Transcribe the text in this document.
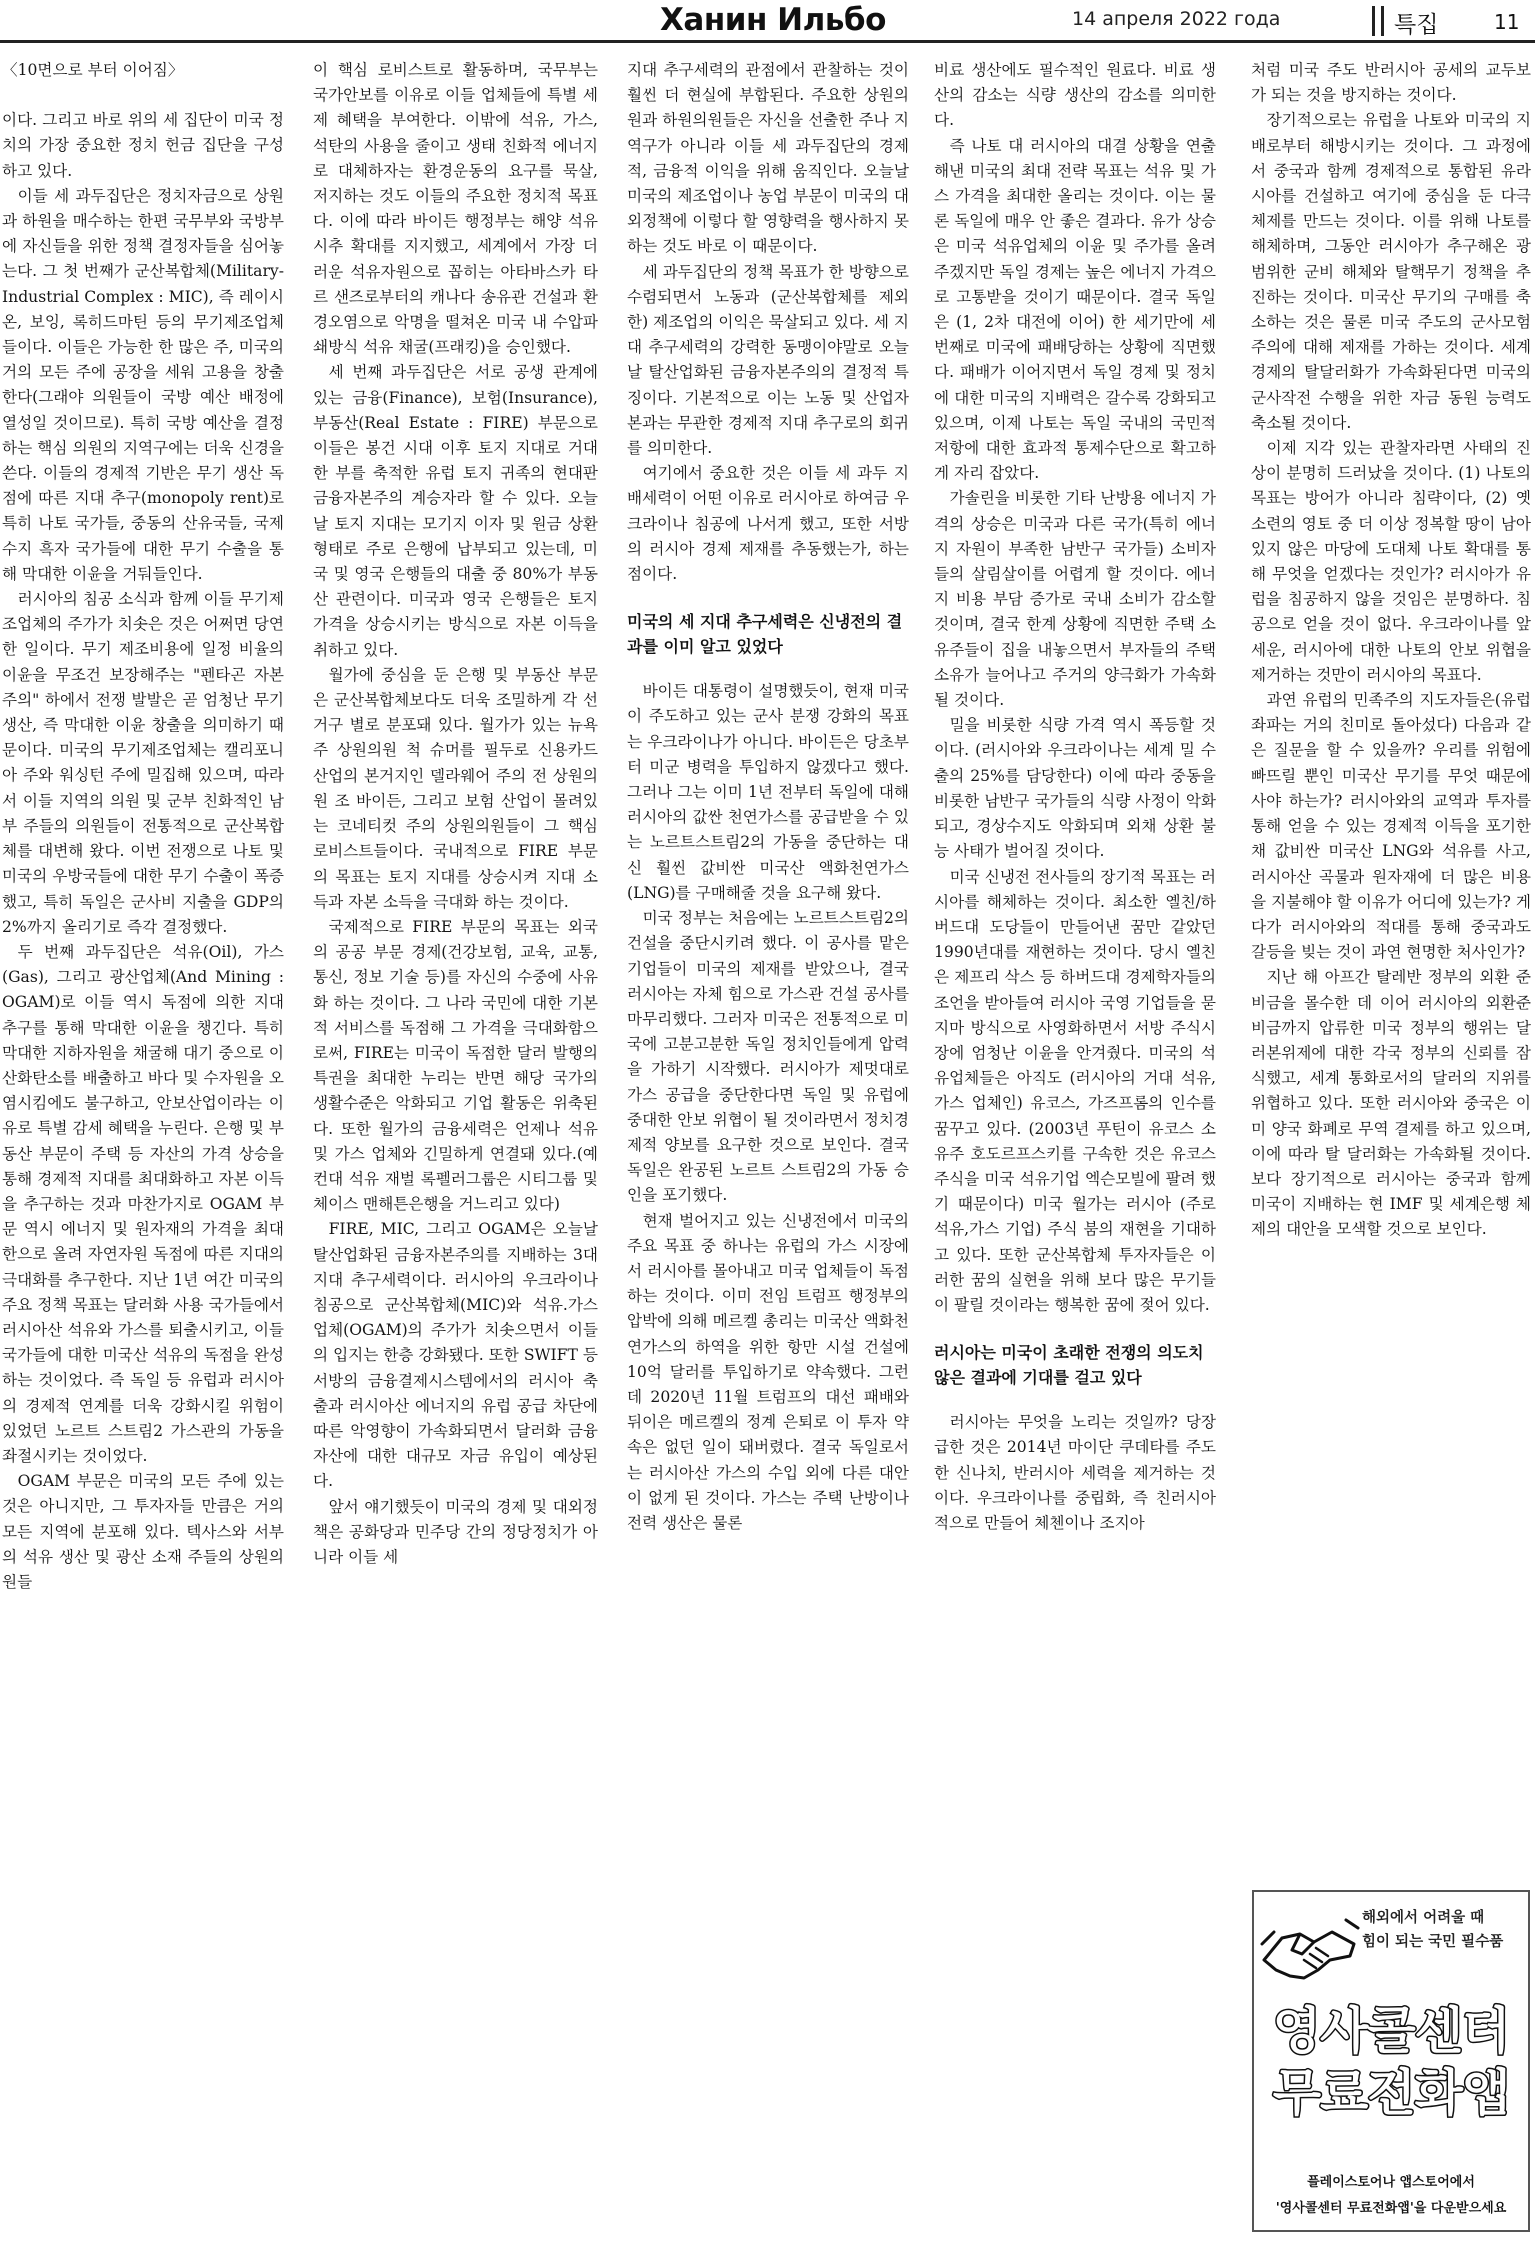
Ханин Ильбо	14 апреля 2022 года	특집	11

〈10면으로 부터 이어짐〉

이다. 그리고 바로 위의 세 집단이 미국 정치의 가장 중요한 정치 헌금 집단을 구성하고 있다.

이들 세 과두집단은 정치자금으로 상원과 하원을 매수하는 한편 국무부와 국방부에 자신들을 위한 정책 결정자들을 심어놓는다. 그 첫 번째가 군산복합체(Military-Industrial Complex : MIC), 즉 레이시온, 보잉, 록히드마틴 등의 무기제조업체들이다. 이들은 가능한 한 많은 주, 미국의 거의 모든 주에 공장을 세워 고용을 창출한다(그래야 의원들이 국방 예산 배정에 열성일 것이므로). 특히 국방 예산을 결정하는 핵심 의원의 지역구에는 더욱 신경을 쓴다. 이들의 경제적 기반은 무기 생산 독점에 따른 지대 추구(monopoly rent)로 특히 나토 국가들, 중동의 산유국들, 국제수지 흑자 국가들에 대한 무기 수출을 통해 막대한 이윤을 거둬들인다.

러시아의 침공 소식과 함께 이들 무기제조업체의 주가가 치솟은 것은 어쩌면 당연한 일이다. 무기 제조비용에 일정 비율의 이윤을 무조건 보장해주는 "펜타곤 자본주의" 하에서 전쟁 발발은 곧 엄청난 무기 생산, 즉 막대한 이윤 창출을 의미하기 때문이다. 미국의 무기제조업체는 캘리포니아 주와 워싱턴 주에 밀집해 있으며, 따라서 이들 지역의 의원 및 군부 친화적인 남부 주들의 의원들이 전통적으로 군산복합체를 대변해 왔다. 이번 전쟁으로 나토 및 미국의 우방국들에 대한 무기 수출이 폭증했고, 특히 독일은 군사비 지출을 GDP의 2%까지 올리기로 즉각 결정했다.

두 번째 과두집단은 석유(Oil), 가스(Gas), 그리고 광산업체(And Mining : OGAM)로 이들 역시 독점에 의한 지대 추구를 통해 막대한 이윤을 챙긴다. 특히 막대한 지하자원을 채굴해 대기 중으로 이산화탄소를 배출하고 바다 및 수자원을 오염시킴에도 불구하고, 안보산업이라는 이유로 특별 감세 혜택을 누린다. 은행 및 부동산 부문이 주택 등 자산의 가격 상승을 통해 경제적 지대를 최대화하고 자본 이득을 추구하는 것과 마찬가지로 OGAM 부문 역시 에너지 및 원자재의 가격을 최대한으로 올려 자연자원 독점에 따른 지대의 극대화를 추구한다. 지난 1년 여간 미국의 주요 정책 목표는 달러화 사용 국가들에서 러시아산 석유와 가스를 퇴출시키고, 이들 국가들에 대한 미국산 석유의 독점을 완성하는 것이었다. 즉 독일 등 유럽과 러시아의 경제적 연계를 더욱 강화시킬 위험이 있었던 노르트 스트림2 가스관의 가동을 좌절시키는 것이었다.

OGAM 부문은 미국의 모든 주에 있는 것은 아니지만, 그 투자자들 만큼은 거의 모든 지역에 분포해 있다. 텍사스와 서부의 석유 생산 및 광산 소재 주들의 상원의원들

이 핵심 로비스트로 활동하며, 국무부는 국가안보를 이유로 이들 업체들에 특별 세제 혜택을 부여한다. 이밖에 석유, 가스, 석탄의 사용을 줄이고 생태 친화적 에너지로 대체하자는 환경운동의 요구를 묵살, 저지하는 것도 이들의 주요한 정치적 목표다. 이에 따라 바이든 행정부는 해양 석유 시추 확대를 지지했고, 세계에서 가장 더러운 석유자원으로 꼽히는 아타바스카 타르 샌즈로부터의 캐나다 송유관 건설과 환경오염으로 악명을 떨쳐온 미국 내 수압파쇄방식 석유 채굴(프래킹)을 승인했다.

세 번째 과두집단은 서로 공생 관계에 있는 금융(Finance), 보험(Insurance), 부동산(Real Estate : FIRE) 부문으로 이들은 봉건 시대 이후 토지 지대로 거대한 부를 축적한 유럽 토지 귀족의 현대판 금융자본주의 계승자라 할 수 있다. 오늘날 토지 지대는 모기지 이자 및 원금 상환 형태로 주로 은행에 납부되고 있는데, 미국 및 영국 은행들의 대출 중 80%가 부동산 관련이다. 미국과 영국 은행들은 토지 가격을 상승시키는 방식으로 자본 이득을 취하고 있다.

월가에 중심을 둔 은행 및 부동산 부문은 군산복합체보다도 더욱 조밀하게 각 선거구 별로 분포돼 있다. 월가가 있는 뉴욕 주 상원의원 척 슈머를 필두로 신용카드 산업의 본거지인 델라웨어 주의 전 상원의원 조 바이든, 그리고 보험 산업이 몰려있는 코네티컷 주의 상원의원들이 그 핵심 로비스트들이다. 국내적으로 FIRE 부문의 목표는 토지 지대를 상승시켜 지대 소득과 자본 소득을 극대화 하는 것이다.

국제적으로 FIRE 부문의 목표는 외국의 공공 부문 경제(건강보험, 교육, 교통, 통신, 정보 기술 등)를 자신의 수중에 사유화 하는 것이다. 그 나라 국민에 대한 기본적 서비스를 독점해 그 가격을 극대화함으로써, FIRE는 미국이 독점한 달러 발행의 특권을 최대한 누리는 반면 해당 국가의 생활수준은 악화되고 기업 활동은 위축된다. 또한 월가의 금융세력은 언제나 석유 및 가스 업체와 긴밀하게 연결돼 있다.(예컨대 석유 재벌 록펠러그룹은 시티그룹 및 체이스 맨해튼은행을 거느리고 있다)

FIRE, MIC, 그리고 OGAM은 오늘날 탈산업화된 금융자본주의를 지배하는 3대 지대 추구세력이다. 러시아의 우크라이나 침공으로 군산복합체(MIC)와 석유.가스 업체(OGAM)의 주가가 치솟으면서 이들의 입지는 한층 강화됐다. 또한 SWIFT 등 서방의 금융결제시스템에서의 러시아 축출과 러시아산 에너지의 유럽 공급 차단에 따른 악영향이 가속화되면서 달러화 금융자산에 대한 대규모 자금 유입이 예상된다.

앞서 얘기했듯이 미국의 경제 및 대외정책은 공화당과 민주당 간의 정당정치가 아니라 이들 세

지대 추구세력의 관점에서 관찰하는 것이 훨씬 더 현실에 부합된다. 주요한 상원의원과 하원의원들은 자신을 선출한 주나 지역구가 아니라 이들 세 과두집단의 경제적, 금융적 이익을 위해 움직인다. 오늘날 미국의 제조업이나 농업 부문이 미국의 대외정책에 이렇다 할 영향력을 행사하지 못하는 것도 바로 이 때문이다.

세 과두집단의 정책 목표가 한 방향으로 수렴되면서 노동과 (군산복합체를 제외한) 제조업의 이익은 묵살되고 있다. 세 지대 추구세력의 강력한 동맹이야말로 오늘날 탈산업화된 금융자본주의의 결정적 특징이다. 기본적으로 이는 노동 및 산업자본과는 무관한 경제적 지대 추구로의 회귀를 의미한다.

여기에서 중요한 것은 이들 세 과두 지배세력이 어떤 이유로 러시아로 하여금 우크라이나 침공에 나서게 했고, 또한 서방의 러시아 경제 제재를 추동했는가, 하는 점이다.

미국의 세 지대 추구세력은 신냉전의 결과를 이미 알고 있었다

바이든 대통령이 설명했듯이, 현재 미국이 주도하고 있는 군사 분쟁 강화의 목표는 우크라이나가 아니다. 바이든은 당초부터 미군 병력을 투입하지 않겠다고 했다. 그러나 그는 이미 1년 전부터 독일에 대해 러시아의 값싼 천연가스를 공급받을 수 있는 노르트스트림2의 가동을 중단하는 대신 훨씬 값비싼 미국산 액화천연가스(LNG)를 구매해줄 것을 요구해 왔다.

미국 정부는 처음에는 노르트스트림2의 건설을 중단시키려 했다. 이 공사를 맡은 기업들이 미국의 제재를 받았으나, 결국 러시아는 자체 힘으로 가스관 건설 공사를 마무리했다. 그러자 미국은 전통적으로 미국에 고분고분한 독일 정치인들에게 압력을 가하기 시작했다. 러시아가 제멋대로 가스 공급을 중단한다면 독일 및 유럽에 중대한 안보 위협이 될 것이라면서 정치경제적 양보를 요구한 것으로 보인다. 결국 독일은 완공된 노르트 스트림2의 가동 승인을 포기했다.

현재 벌어지고 있는 신냉전에서 미국의 주요 목표 중 하나는 유럽의 가스 시장에서 러시아를 몰아내고 미국 업체들이 독점하는 것이다. 이미 전임 트럼프 행정부의 압박에 의해 메르켈 총리는 미국산 액화천연가스의 하역을 위한 항만 시설 건설에 10억 달러를 투입하기로 약속했다. 그런데 2020년 11월 트럼프의 대선 패배와 뒤이은 메르켈의 정계 은퇴로 이 투자 약속은 없던 일이 돼버렸다. 결국 독일로서는 러시아산 가스의 수입 외에 다른 대안이 없게 된 것이다. 가스는 주택 난방이나 전력 생산은 물론

비료 생산에도 필수적인 원료다. 비료 생산의 감소는 식량 생산의 감소를 의미한다.

즉 나토 대 러시아의 대결 상황을 연출해낸 미국의 최대 전략 목표는 석유 및 가스 가격을 최대한 올리는 것이다. 이는 물론 독일에 매우 안 좋은 결과다. 유가 상승은 미국 석유업체의 이윤 및 주가를 올려주겠지만 독일 경제는 높은 에너지 가격으로 고통받을 것이기 때문이다. 결국 독일은 (1, 2차 대전에 이어) 한 세기만에 세 번째로 미국에 패배당하는 상황에 직면했다. 패배가 이어지면서 독일 경제 및 정치에 대한 미국의 지배력은 갈수록 강화되고 있으며, 이제 나토는 독일 국내의 국민적 저항에 대한 효과적 통제수단으로 확고하게 자리 잡았다.

가솔린을 비롯한 기타 난방용 에너지 가격의 상승은 미국과 다른 국가(특히 에너지 자원이 부족한 남반구 국가들) 소비자들의 살림살이를 어렵게 할 것이다. 에너지 비용 부담 증가로 국내 소비가 감소할 것이며, 결국 한계 상황에 직면한 주택 소유주들이 집을 내놓으면서 부자들의 주택 소유가 늘어나고 주거의 양극화가 가속화될 것이다.

밀을 비롯한 식량 가격 역시 폭등할 것이다. (러시아와 우크라이나는 세계 밀 수출의 25%를 담당한다) 이에 따라 중동을 비롯한 남반구 국가들의 식량 사정이 악화되고, 경상수지도 악화되며 외채 상환 불능 사태가 벌어질 것이다.

미국 신냉전 전사들의 장기적 목표는 러시아를 해체하는 것이다. 최소한 옐친/하버드대 도당들이 만들어낸 꿈만 같았던 1990년대를 재현하는 것이다. 당시 옐친은 제프리 삭스 등 하버드대 경제학자들의 조언을 받아들여 러시아 국영 기업들을 묻지마 방식으로 사영화하면서 서방 주식시장에 엄청난 이윤을 안겨줬다. 미국의 석유업체들은 아직도 (러시아의 거대 석유, 가스 업체인) 유코스, 가즈프롬의 인수를 꿈꾸고 있다. (2003년 푸틴이 유코스 소유주 호도르프스키를 구속한 것은 유코스 주식을 미국 석유기업 엑슨모빌에 팔려 했기 때문이다) 미국 월가는 러시아 (주로 석유,가스 기업) 주식 붐의 재현을 기대하고 있다. 또한 군산복합체 투자자들은 이러한 꿈의 실현을 위해 보다 많은 무기들이 팔릴 것이라는 행복한 꿈에 젖어 있다.

러시아는 미국이 초래한 전쟁의 의도치 않은 결과에 기대를 걸고 있다

러시아는 무엇을 노리는 것일까? 당장 급한 것은 2014년 마이단 쿠데타를 주도한 신나치, 반러시아 세력을 제거하는 것이다. 우크라이나를 중립화, 즉 친러시아적으로 만들어 체첸이나 조지아

처럼 미국 주도 반러시아 공세의 교두보가 되는 것을 방지하는 것이다.

장기적으로는 유럽을 나토와 미국의 지배로부터 해방시키는 것이다. 그 과정에서 중국과 함께 경제적으로 통합된 유라시아를 건설하고 여기에 중심을 둔 다극 체제를 만드는 것이다. 이를 위해 나토를 해체하며, 그동안 러시아가 추구해온 광범위한 군비 해체와 탈핵무기 정책을 추진하는 것이다. 미국산 무기의 구매를 축소하는 것은 물론 미국 주도의 군사모험주의에 대해 제재를 가하는 것이다. 세계 경제의 탈달러화가 가속화된다면 미국의 군사작전 수행을 위한 자금 동원 능력도 축소될 것이다.

이제 지각 있는 관찰자라면 사태의 진상이 분명히 드러났을 것이다. (1) 나토의 목표는 방어가 아니라 침략이다, (2) 옛 소련의 영토 중 더 이상 정복할 땅이 남아 있지 않은 마당에 도대체 나토 확대를 통해 무엇을 얻겠다는 것인가? 러시아가 유럽을 침공하지 않을 것임은 분명하다. 침공으로 얻을 것이 없다. 우크라이나를 앞세운, 러시아에 대한 나토의 안보 위협을 제거하는 것만이 러시아의 목표다.

과연 유럽의 민족주의 지도자들은(유럽 좌파는 거의 친미로 돌아섰다) 다음과 같은 질문을 할 수 있을까? 우리를 위험에 빠뜨릴 뿐인 미국산 무기를 무엇 때문에 사야 하는가? 러시아와의 교역과 투자를 통해 얻을 수 있는 경제적 이득을 포기한 채 값비싼 미국산 LNG와 석유를 사고, 러시아산 곡물과 원자재에 더 많은 비용을 지불해야 할 이유가 어디에 있는가? 게다가 러시아와의 적대를 통해 중국과도 갈등을 빚는 것이 과연 현명한 처사인가?

지난 해 아프간 탈레반 정부의 외환 준비금을 몰수한 데 이어 러시아의 외환준비금까지 압류한 미국 정부의 행위는 달러본위제에 대한 각국 정부의 신뢰를 잠식했고, 세계 통화로서의 달러의 지위를 위협하고 있다. 또한 러시아와 중국은 이미 양국 화폐로 무역 결제를 하고 있으며, 이에 따라 탈 달러화는 가속화될 것이다. 보다 장기적으로 러시아는 중국과 함께 미국이 지배하는 현 IMF 및 세계은행 체제의 대안을 모색할 것으로 보인다.

해외에서 어려울 때
힘이 되는 국민 필수품
영사콜센터
무료전화앱
플레이스토어나 앱스토어에서
'영사콜센터 무료전화앱'을 다운받으세요
